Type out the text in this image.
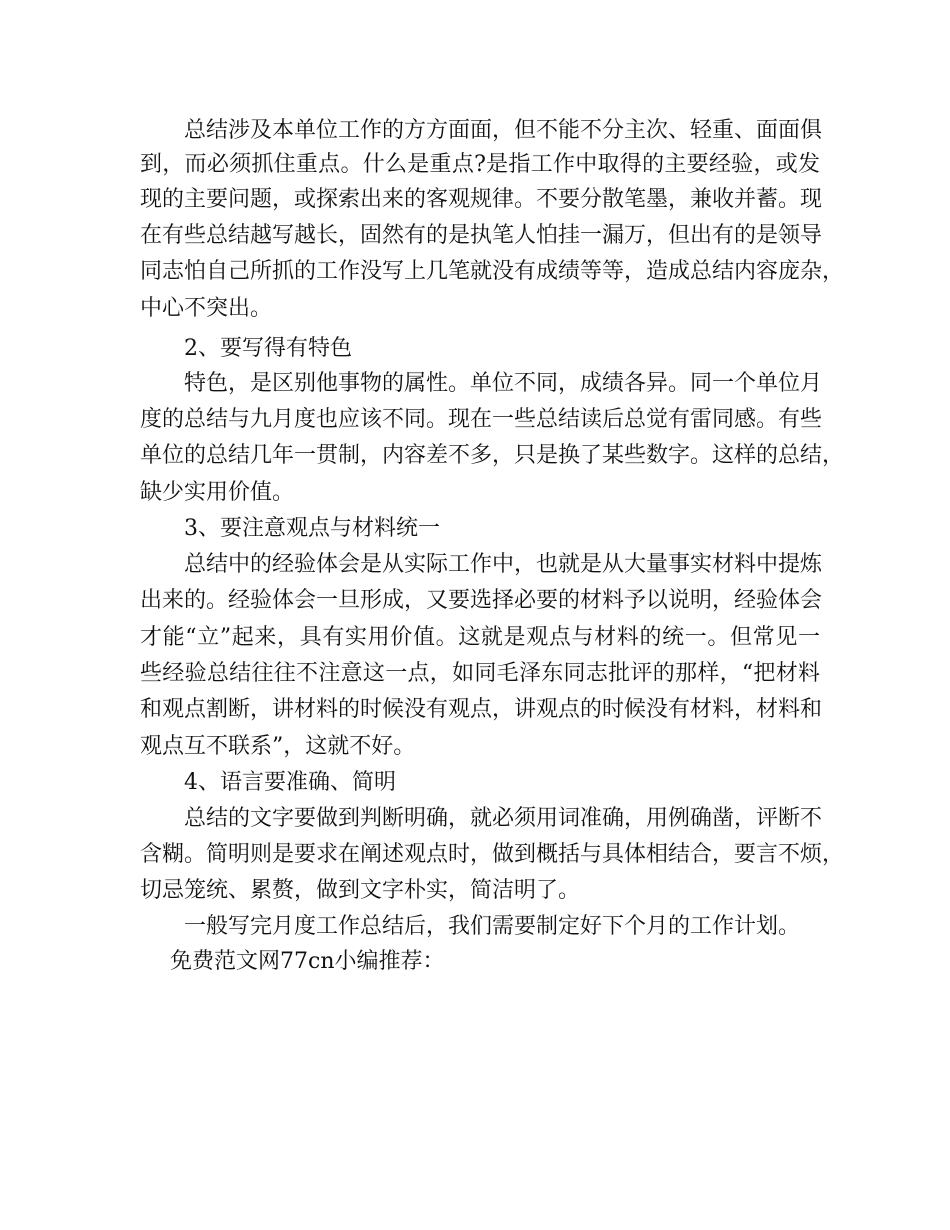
总结涉及本单位工作的方方面面，但不能不分主次、轻重、面面俱
到，而必须抓住重点。什么是重点?是指工作中取得的主要经验，或发
现的主要问题，或探索出来的客观规律。不要分散笔墨，兼收并蓄。现
在有些总结越写越长，固然有的是执笔人怕挂一漏万，但出有的是领导
同志怕自己所抓的工作没写上几笔就没有成绩等等，造成总结内容庞杂，
中心不突出。
2、要写得有特色
特色，是区别他事物的属性。单位不同，成绩各异。同一个单位月
度的总结与九月度也应该不同。现在一些总结读后总觉有雷同感。有些
单位的总结几年一贯制，内容差不多，只是换了某些数字。这样的总结，
缺少实用价值。
3、要注意观点与材料统一
总结中的经验体会是从实际工作中，也就是从大量事实材料中提炼
出来的。经验体会一旦形成，又要选择必要的材料予以说明，经验体会
才能“立”起来，具有实用价值。这就是观点与材料的统一。但常见一
些经验总结往往不注意这一点，如同毛泽东同志批评的那样，“把材料
和观点割断，讲材料的时候没有观点，讲观点的时候没有材料，材料和
观点互不联系”，这就不好。
4、语言要准确、简明
总结的文字要做到判断明确，就必须用词准确，用例确凿，评断不
含糊。简明则是要求在阐述观点时，做到概括与具体相结合，要言不烦，
切忌笼统、累赘，做到文字朴实，简洁明了。
一般写完月度工作总结后，我们需要制定好下个月的工作计划。
免费范文网77cn小编推荐：
